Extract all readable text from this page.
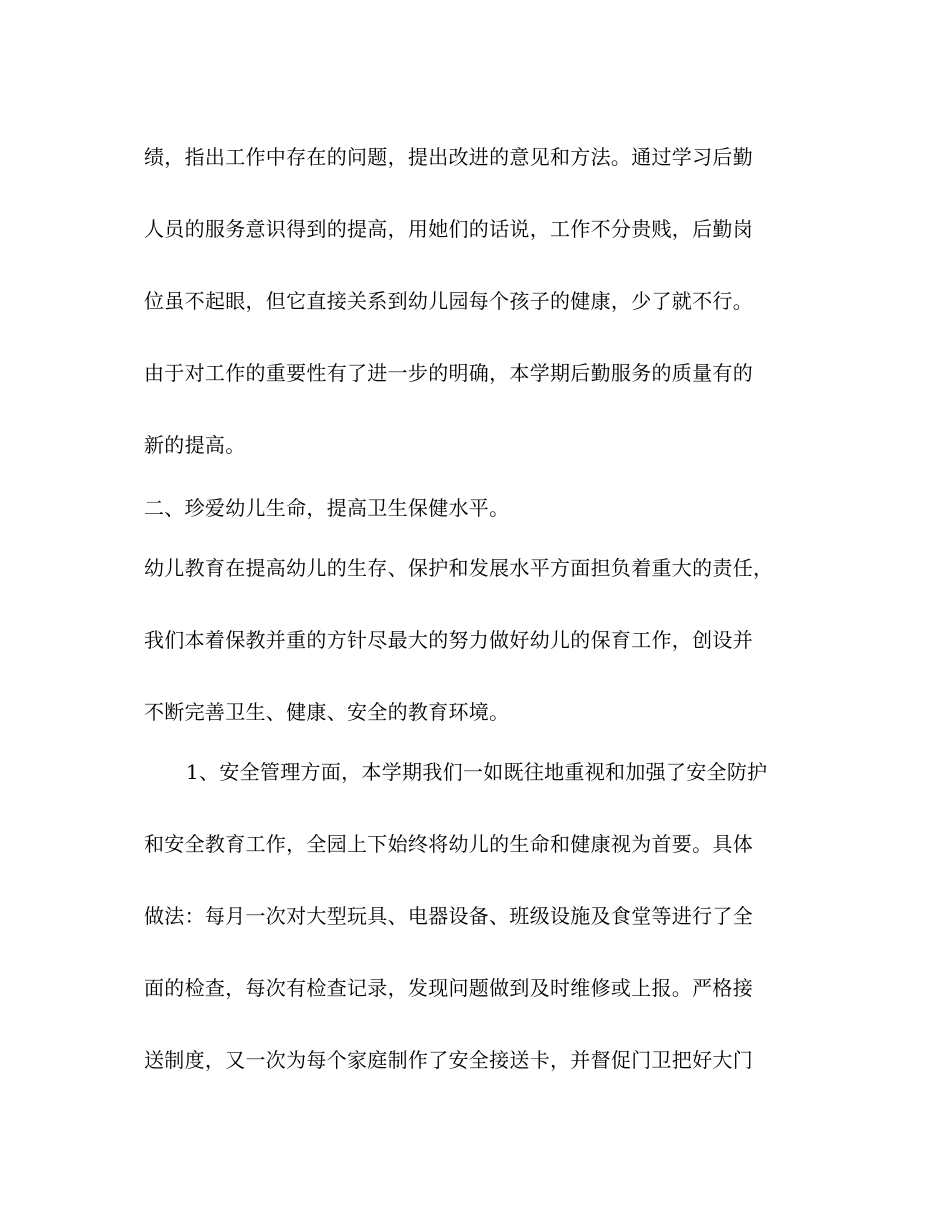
绩，指出工作中存在的问题，提出改进的意见和方法。通过学习后勤
人员的服务意识得到的提高，用她们的话说，工作不分贵贱，后勤岗
位虽不起眼，但它直接关系到幼儿园每个孩子的健康，少了就不行。
由于对工作的重要性有了进一步的明确，本学期后勤服务的质量有的
新的提高。
二、珍爱幼儿生命，提高卫生保健水平。
幼儿教育在提高幼儿的生存、保护和发展水平方面担负着重大的责任，
我们本着保教并重的方针尽最大的努力做好幼儿的保育工作，创设并
不断完善卫生、健康、安全的教育环境。
1、安全管理方面，本学期我们一如既往地重视和加强了安全防护
和安全教育工作，全园上下始终将幼儿的生命和健康视为首要。具体
做法：每月一次对大型玩具、电器设备、班级设施及食堂等进行了全
面的检查，每次有检查记录，发现问题做到及时维修或上报。严格接
送制度，又一次为每个家庭制作了安全接送卡，并督促门卫把好大门
